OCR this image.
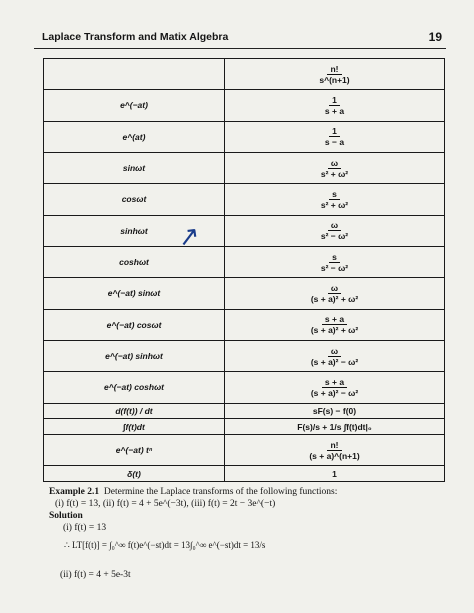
Laplace Transform and Matix Algebra	19

	$\frac{n!}{s\^{}(n+1)}$

e^(−at)	$\frac{1}{s + a}$

e^(at)	$\frac{1}{s - a}$

sinωt	$\frac{\omega}{\text{s² + ω²}}$

cosωt	$\frac{s}{\text{s² + ω²}}$

sinhωt	$\frac{\omega}{\text{s² − ω²}}$

coshωt	$\frac{s}{\text{s² − ω²}}$

e^(−at) sinωt	$\frac{\omega}{\text{(s + a)² + ω²}}$

e^(−at) cosωt	$\frac{s + a}{\text{(s + a)² + ω²}}$

e^(−at) sinhωt	$\frac{\omega}{\text{(s + a)² − ω²}}$

e^(−at) coshωt	$\frac{s + a}{\text{(s + a)² − ω²}}$

d(f(t)) / dt	sF(s) − f(0)
∫f(t)dt	F(s)/s + 1/s ∫f(t)dt|₀
e^(−at) tⁿ	$\frac{n!}{(s + a)\^{}(n+1)}$

δ(t)	1
↗
Example 2.1 Determine the Laplace transforms of the following functions:
(i) f(t) = 13, (ii) f(t) = 4 + 5e^(−3t), (iii) f(t) = 2t − 3e^(−t)
Solution
(i) f(t) = 13
∴ LT[f(t)] = ∫₀^∞ f(t)e^(−st)dt = 13∫₀^∞ e^(−st)dt = 13/s
(ii) f(t) = 4 + 5e-3t
